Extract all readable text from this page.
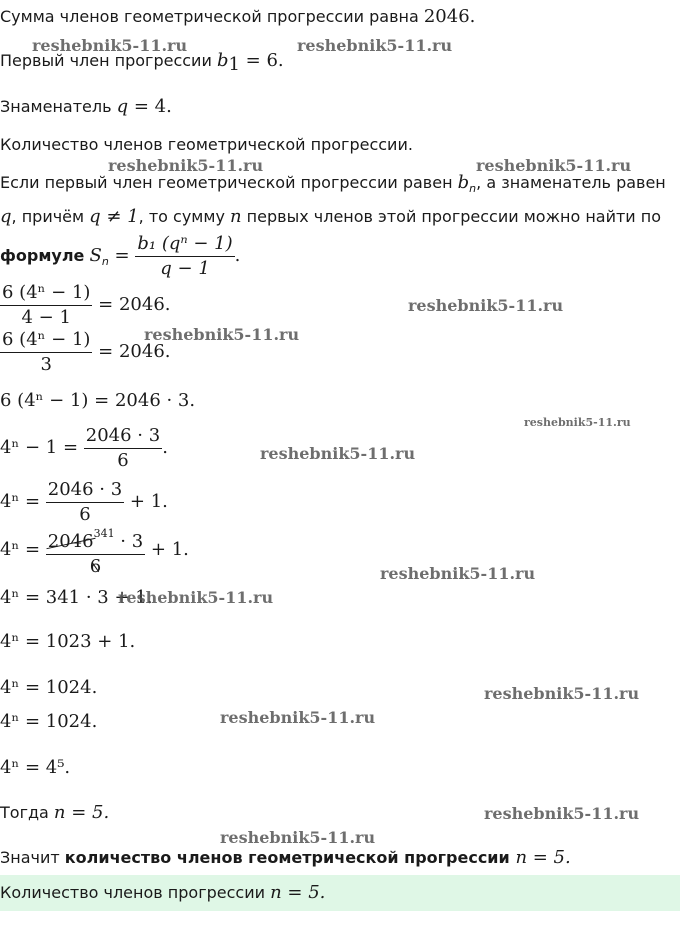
Сумма членов геометрической прогрессии равна 2046.
Первый член прогрессии $b_1 = 6$.
Знаменатель q = 4.
Количество членов геометрической прогрессии.
Если первый член геометрической прогрессии равен $b_n$, а знаменатель равен
q, причём q ≠ 1, то сумму n первых членов этой прогрессии можно найти по
формуле $S_n = \frac{\text{b₁ (qⁿ − 1)}}{q - 1}$ .
$\frac{\text{6 (4ⁿ − 1)}}{4 - 1} = 2046$.
$\frac{\text{6 (4ⁿ − 1)}}{3} = 2046$.
6 (4ⁿ − 1) = 2046 · 3.
$4^n - 1 = \frac{2046 \cdot 3}{6}$ .
$4^n = \frac{2046 \cdot 3}{6} + 1$.
$4^n = \frac{2046^{341} \cdot 3}{6} + 1$.
4ⁿ = 341 · 3 + 1.
4ⁿ = 1023 + 1.
4ⁿ = 1024.
4ⁿ = 1024.
4ⁿ = 4⁵.
Тогда n = 5.
Значит количество членов геометрической прогрессии n = 5.
Количество членов прогрессии n = 5.
reshebnik5-11.ru	reshebnik5-11.ru
reshebnik5-11.ru	reshebnik5-11.ru
reshebnik5-11.ru
reshebnik5-11.ru
reshebnik5-11.ru
reshebnik5-11.ru
reshebnik5-11.ru
reshebnik5-11.ru
reshebnik5-11.ru
reshebnik5-11.ru
reshebnik5-11.ru
reshebnik5-11.ru
